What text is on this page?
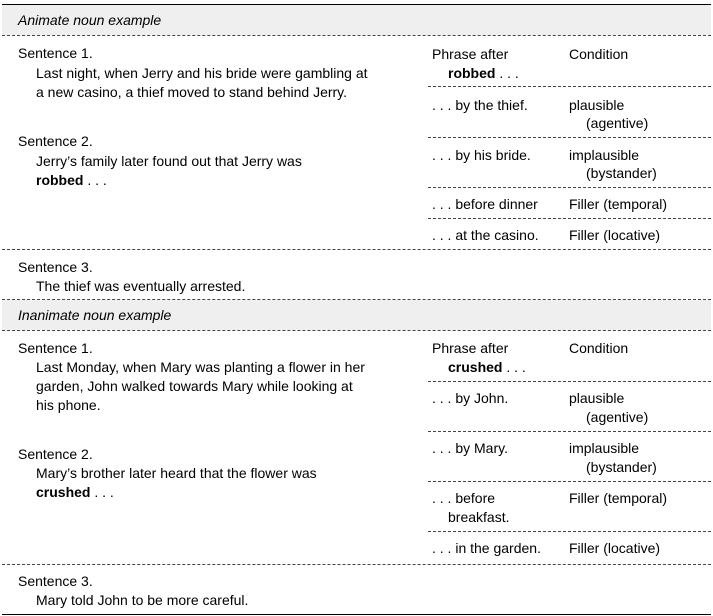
Animate noun example
Sentence 1.
Last night, when Jerry and his bride were gambling at
a new casino, a thief moved to stand behind Jerry.
Sentence 2.
Jerry’s family later found out that Jerry was
robbed . . .
Phrase after
robbed . . .
Condition
. . . by the thief.	plausible
(agentive)
. . . by his bride.	implausible
(bystander)
. . . before dinner Filler (temporal)
. . . at the casino. Filler (locative)
Sentence 3.
The thief was eventually arrested.
Inanimate noun example
Sentence 1.
Last Monday, when Mary was planting a flower in her
garden, John walked towards Mary while looking at
his phone.
Sentence 2.
Mary’s brother later heard that the flower was
crushed . . .
Phrase after
crushed . . .
Condition
. . . by John.	plausible
(agentive)
. . . by Mary.	implausible
(bystander)
. . . before
breakfast.
Filler (temporal)
. . . in the garden. Filler (locative)
Sentence 3.
Mary told John to be more careful.
